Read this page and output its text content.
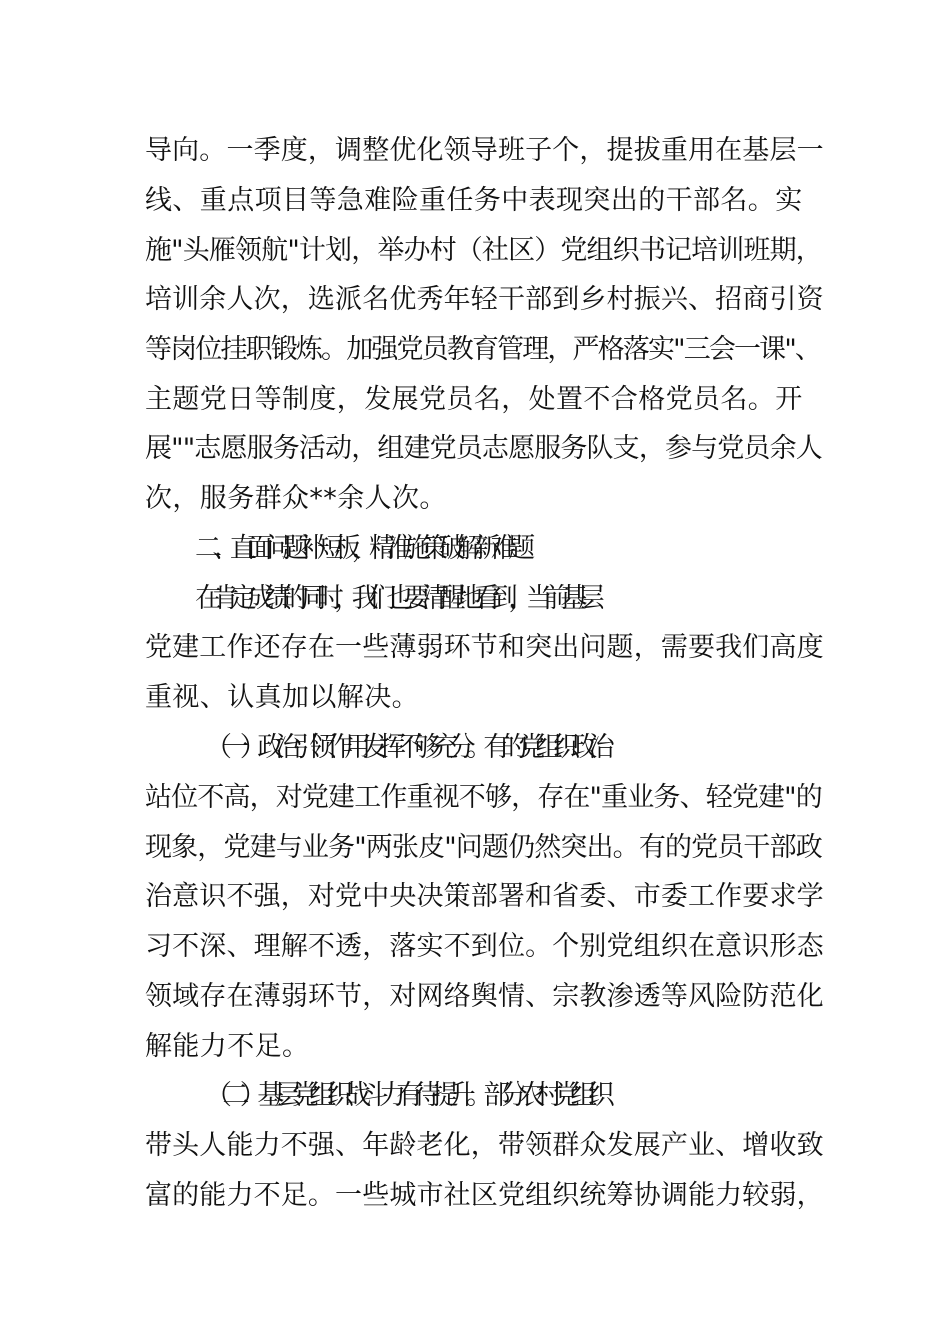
导向。一季度，调整优化领导班子个，提拔重用在基层一
线、重点项目等急难险重任务中表现突出的干部名。实
施"头雁领航"计划，举办村（社区）党组织书记培训班期，
培训余人次，选派名优秀年轻干部到乡村振兴、招商引资
等岗位挂职锻炼。加强党员教育管理，严格落实"三会一课"、
主题党日等制度，发展党员名，处置不合格党员名。开
展""志愿服务活动，组建党员志愿服务队支，参与党员余人
次，服务群众**余人次。
二、直面问题补短板，精准施策破解新难题
在肯定成绩的同时，我们也要清醒地看到，当前基层
党建工作还存在一些薄弱环节和突出问题，需要我们高度
重视、认真加以解决。
（一）政治引领作用发挥不够充分。有的党组织政治
站位不高，对党建工作重视不够，存在"重业务、轻党建"的
现象，党建与业务"两张皮"问题仍然突出。有的党员干部政
治意识不强，对党中央决策部署和省委、市委工作要求学
习不深、理解不透，落实不到位。个别党组织在意识形态
领域存在薄弱环节，对网络舆情、宗教渗透等风险防范化
解能力不足。
（二）基层党组织战斗力有待提升。部分农村党组织
带头人能力不强、年龄老化，带领群众发展产业、增收致
富的能力不足。一些城市社区党组织统筹协调能力较弱，
